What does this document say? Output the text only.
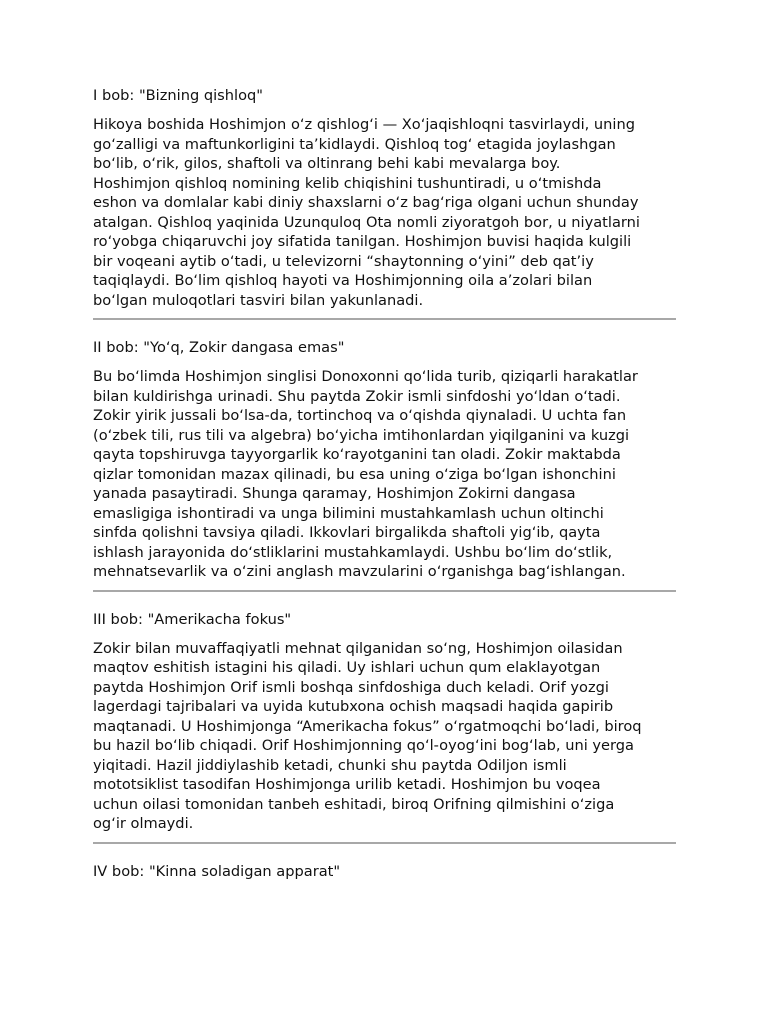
I bob: "Bizning qishloq"

Hikoya boshida Hoshimjon o‘z qishlog‘i — Xo‘jaqishloqni tasvirlaydi, uning
go‘zalligi va maftunkorligini ta’kidlaydi. Qishloq tog‘ etagida joylashgan
bo‘lib, o‘rik, gilos, shaftoli va oltinrang behi kabi mevalarga boy.
Hoshimjon qishloq nomining kelib chiqishini tushuntiradi, u o‘tmishda
eshon va domlalar kabi diniy shaxslarni o‘z bag‘riga olgani uchun shunday
atalgan. Qishloq yaqinida Uzunquloq Ota nomli ziyoratgoh bor, u niyatlarni
ro‘yobga chiqaruvchi joy sifatida tanilgan. Hoshimjon buvisi haqida kulgili
bir voqeani aytib o‘tadi, u televizorni “shaytonning o‘yini” deb qat’iy
taqiqlaydi. Bo‘lim qishloq hayoti va Hoshimjonning oila a’zolari bilan
bo‘lgan muloqotlari tasviri bilan yakunlanadi.

II bob: "Yo‘q, Zokir dangasa emas"

Bu bo‘limda Hoshimjon singlisi Donoxonni qo‘lida turib, qiziqarli harakatlar
bilan kuldirishga urinadi. Shu paytda Zokir ismli sinfdoshi yo‘ldan o‘tadi.
Zokir yirik jussali bo‘lsa-da, tortinchoq va o‘qishda qiynaladi. U uchta fan
(o‘zbek tili, rus tili va algebra) bo‘yicha imtihonlardan yiqilganini va kuzgi
qayta topshiruvga tayyorgarlik ko‘rayotganini tan oladi. Zokir maktabda
qizlar tomonidan mazax qilinadi, bu esa uning o‘ziga bo‘lgan ishonchini
yanada pasaytiradi. Shunga qaramay, Hoshimjon Zokirni dangasa
emasligiga ishontiradi va unga bilimini mustahkamlash uchun oltinchi
sinfda qolishni tavsiya qiladi. Ikkovlari birgalikda shaftoli yig‘ib, qayta
ishlash jarayonida do‘stliklarini mustahkamlaydi. Ushbu bo‘lim do‘stlik,
mehnatsevarlik va o‘zini anglash mavzularini o‘rganishga bag‘ishlangan.

III bob: "Amerikacha fokus"

Zokir bilan muvaffaqiyatli mehnat qilganidan so‘ng, Hoshimjon oilasidan
maqtov eshitish istagini his qiladi. Uy ishlari uchun qum elaklayotgan
paytda Hoshimjon Orif ismli boshqa sinfdoshiga duch keladi. Orif yozgi
lagerdagi tajribalari va uyida kutubxona ochish maqsadi haqida gapirib
maqtanadi. U Hoshimjonga “Amerikacha fokus” o‘rgatmoqchi bo‘ladi, biroq
bu hazil bo‘lib chiqadi. Orif Hoshimjonning qo‘l-oyog‘ini bog‘lab, uni yerga
yiqitadi. Hazil jiddiylashib ketadi, chunki shu paytda Odiljon ismli
mototsiklist tasodifan Hoshimjonga urilib ketadi. Hoshimjon bu voqea
uchun oilasi tomonidan tanbeh eshitadi, biroq Orifning qilmishini o‘ziga
og‘ir olmaydi.

IV bob: "Kinna soladigan apparat"
